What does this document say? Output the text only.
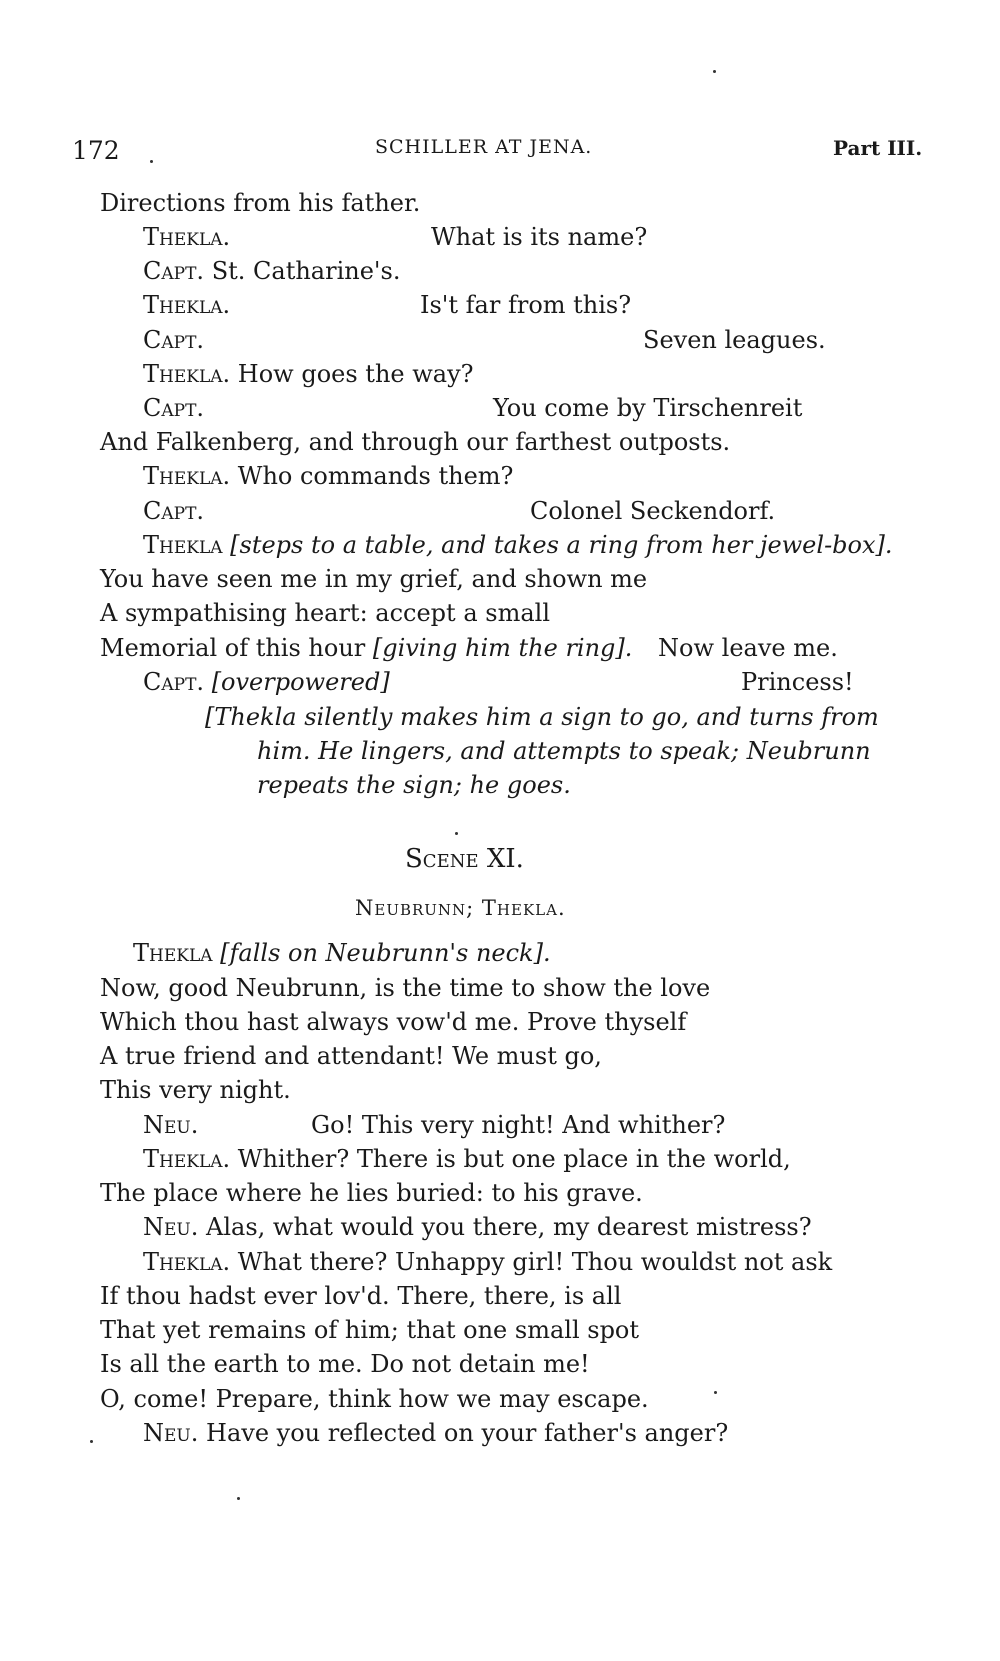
172	SCHILLER AT JENA.	Part III.
Directions from his father.
Thekla.	What is its name?
Capt. St. Catharine's.
Thekla.	Is't far from this?
Capt.	Seven leagues.
Thekla. How goes the way?
Capt.	You come by Tirschenreit
And Falkenberg, and through our farthest outposts.
Thekla. Who commands them?
Capt.	Colonel Seckendorf.
Thekla [steps to a table, and takes a ring from her jewel-box].
You have seen me in my grief, and shown me
A sympathising heart: accept a small
Memorial of this hour [giving him the ring]. Now leave me.
Capt. [overpowered]	Princess!
[Thekla silently makes him a sign to go, and turns from
him. He lingers, and attempts to speak; Neubrunn
repeats the sign; he goes.
Scene XI.
Neubrunn; Thekla.
Thekla [falls on Neubrunn's neck].
Now, good Neubrunn, is the time to show the love
Which thou hast always vow'd me. Prove thyself
A true friend and attendant! We must go,
This very night.
Neu.	Go! This very night! And whither?
Thekla. Whither? There is but one place in the world,
The place where he lies buried: to his grave.
Neu. Alas, what would you there, my dearest mistress?
Thekla. What there? Unhappy girl! Thou wouldst not ask
If thou hadst ever lov'd. There, there, is all
That yet remains of him; that one small spot
Is all the earth to me. Do not detain me!
O, come! Prepare, think how we may escape.
Neu. Have you reflected on your father's anger?
